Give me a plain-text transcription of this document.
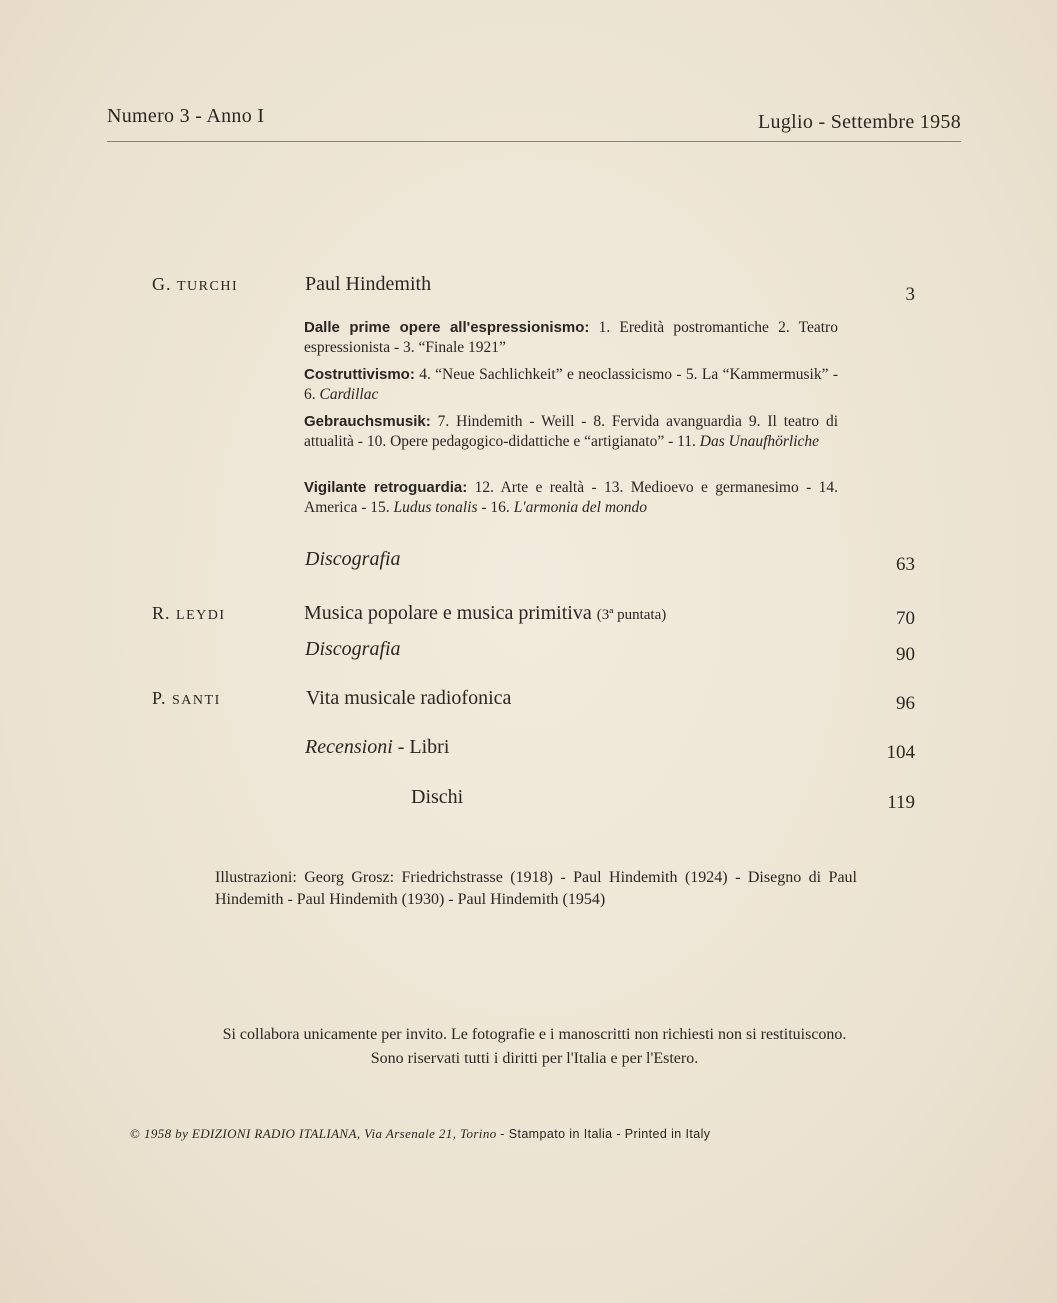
Numero 3 - Anno I	Luglio - Settembre 1958
G. TURCHI	Paul Hindemith	3
Dalle prime opere all'espressionismo: 1. Eredità postromantiche 2. Teatro espressionista - 3. “Finale 1921”
Costruttivismo: 4. “Neue Sachlichkeit” e neoclassicismo - 5. La “Kammermusik” - 6. Cardillac
Gebrauchsmusik: 7. Hindemith - Weill - 8. Fervida avanguardia 9. Il teatro di attualità - 10. Opere pedagogico-didattiche e “artigianato” - 11. Das Unaufhörliche
Vigilante retroguardia: 12. Arte e realtà - 13. Medioevo e germanesimo - 14. America - 15. Ludus tonalis - 16. L'armonia del mondo
Discografia	63
R. LEYDI	Musica popolare e musica primitiva (3ª puntata)	70
Discografia	90
P. SANTI	Vita musicale radiofonica	96
Recensioni - Libri	104
Dischi	119
Illustrazioni: Georg Grosz: Friedrichstrasse (1918) - Paul Hindemith (1924) - Disegno di Paul Hindemith - Paul Hindemith (1930) - Paul Hindemith (1954)
Si collabora unicamente per invito. Le fotografie e i manoscritti non richiesti non si restituiscono.
Sono riservati tutti i diritti per l'Italia e per l'Estero.
© 1958 by EDIZIONI RADIO ITALIANA, Via Arsenale 21, Torino - Stampato in Italia - Printed in Italy
